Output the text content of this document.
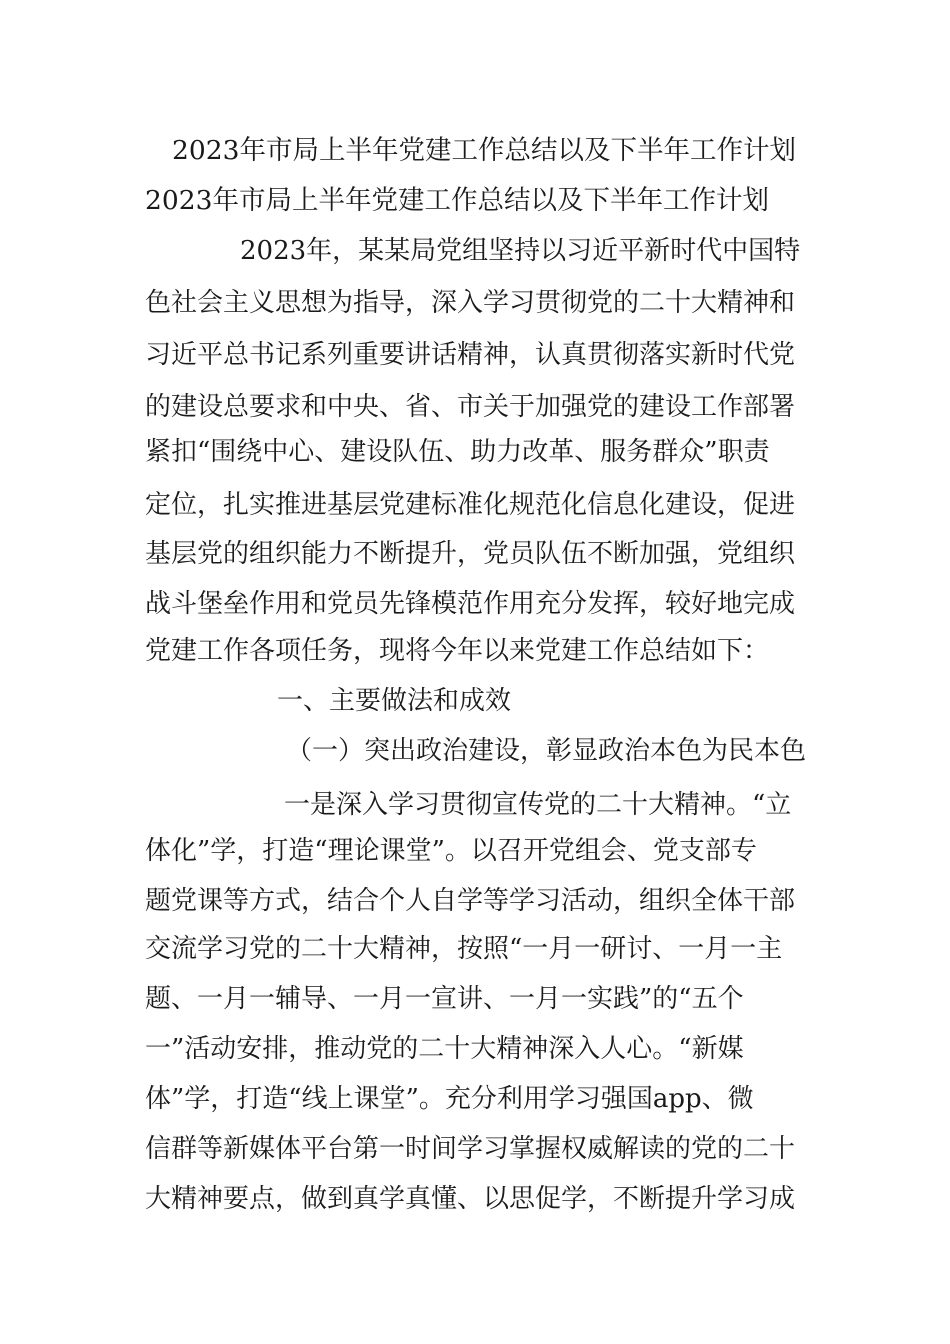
2023年市局上半年党建工作总结以及下半年工作计划
2023年市局上半年党建工作总结以及下半年工作计划
2023年，某某局党组坚持以习近平新时代中国特
色社会主义思想为指导，深入学习贯彻党的二十大精神和
习近平总书记系列重要讲话精神，认真贯彻落实新时代党
的建设总要求和中央、省、市关于加强党的建设工作部署
紧扣“围绕中心、建设队伍、助力改革、服务群众”职责
定位，扎实推进基层党建标准化规范化信息化建设，促进
基层党的组织能力不断提升，党员队伍不断加强，党组织
战斗堡垒作用和党员先锋模范作用充分发挥，较好地完成
党建工作各项任务，现将今年以来党建工作总结如下：
一、主要做法和成效
（一）突出政治建设，彰显政治本色为民本色
一是深入学习贯彻宣传党的二十大精神。“立
体化”学，打造“理论课堂”。以召开党组会、党支部专
题党课等方式，结合个人自学等学习活动，组织全体干部
交流学习党的二十大精神，按照“一月一研讨、一月一主
题、一月一辅导、一月一宣讲、一月一实践”的“五个
一”活动安排，推动党的二十大精神深入人心。“新媒
体”学，打造“线上课堂”。充分利用学习强国app、微
信群等新媒体平台第一时间学习掌握权威解读的党的二十
大精神要点，做到真学真懂、以思促学，不断提升学习成
